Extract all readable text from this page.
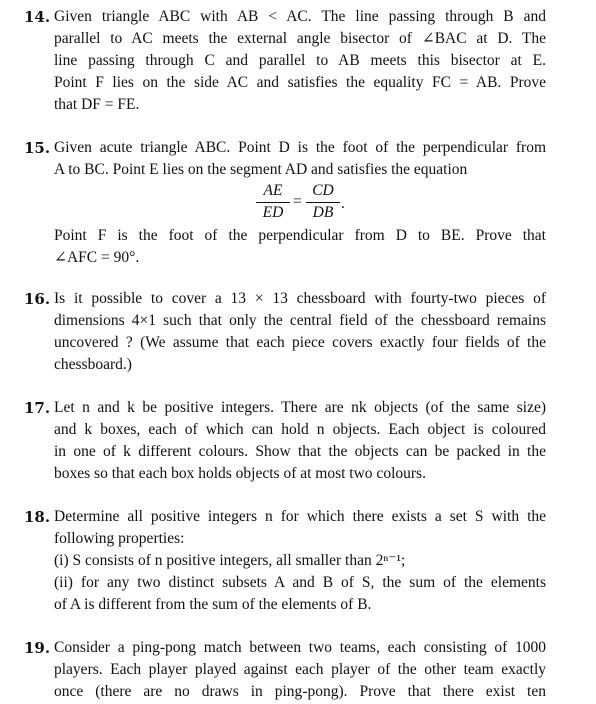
14. Given triangle ABC with AB < AC. The line passing through B and
parallel to AC meets the external angle bisector of ∠BAC at D. The
line passing through C and parallel to AB meets this bisector at E.
Point F lies on the side AC and satisfies the equality FC = AB. Prove
that DF = FE.
15. Given acute triangle ABC. Point D is the foot of the perpendicular from
A to BC. Point E lies on the segment AD and satisfies the equation
AE
ED
=
CD
DB
.
Point F is the foot of the perpendicular from D to BE. Prove that
∠AFC = 90°.
16. Is it possible to cover a 13 × 13 chessboard with fourty-two pieces of
dimensions 4×1 such that only the central field of the chessboard remains
uncovered ? (We assume that each piece covers exactly four fields of the
chessboard.)
17. Let n and k be positive integers. There are nk objects (of the same size)
and k boxes, each of which can hold n objects. Each object is coloured
in one of k different colours. Show that the objects can be packed in the
boxes so that each box holds objects of at most two colours.
18. Determine all positive integers n for which there exists a set S with the
following properties:
(i) S consists of n positive integers, all smaller than 2ⁿ⁻¹;
(ii) for any two distinct subsets A and B of S, the sum of the elements
of A is different from the sum of the elements of B.
19. Consider a ping-pong match between two teams, each consisting of 1000
players. Each player played against each player of the other team exactly
once (there are no draws in ping-pong). Prove that there exist ten
